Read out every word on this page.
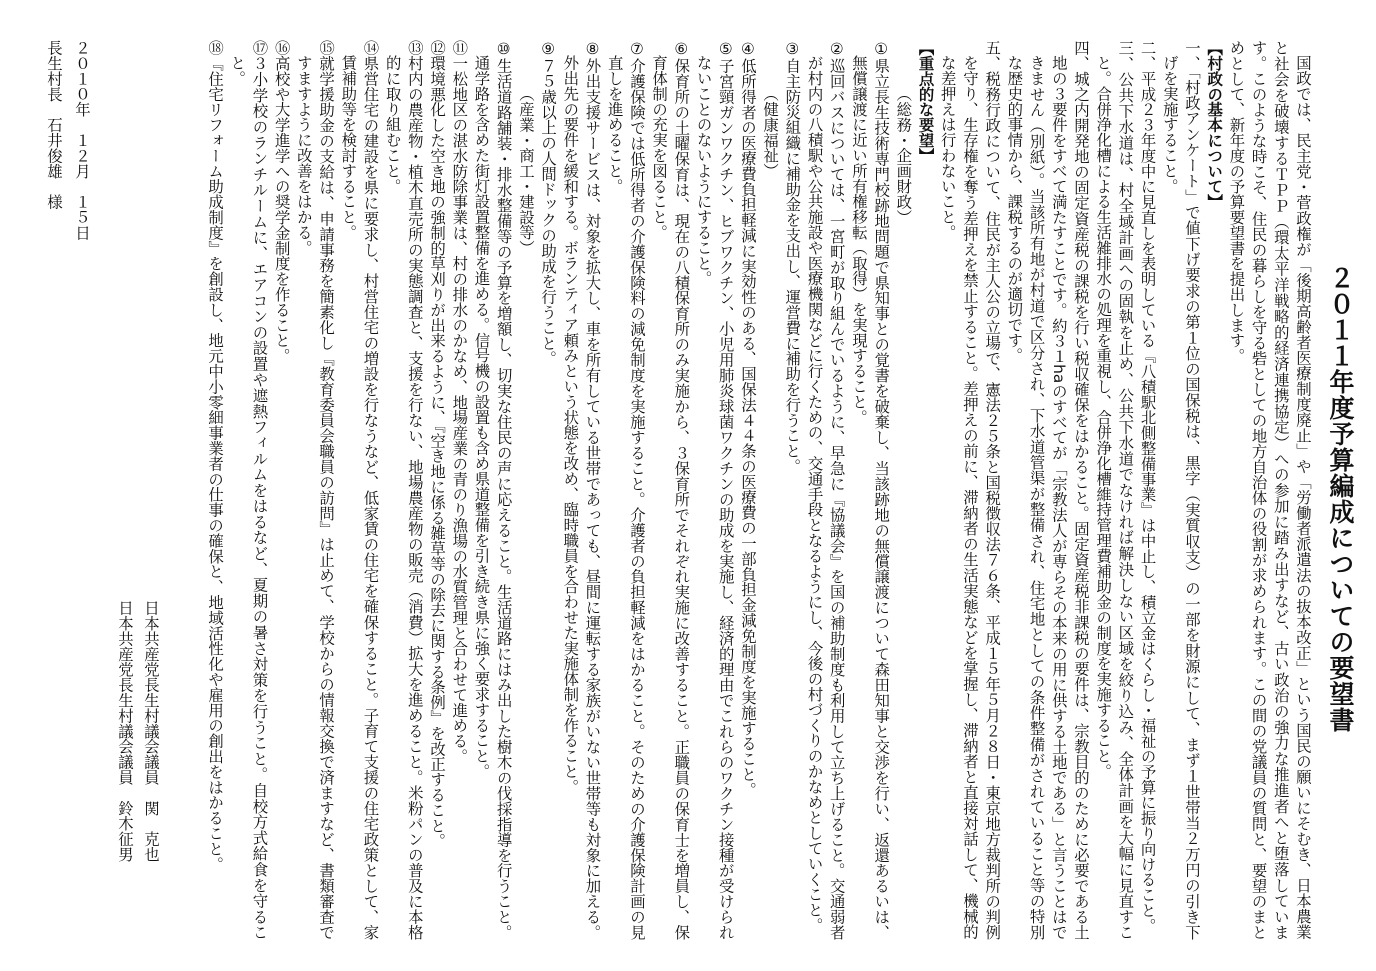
２０１１年度予算編成についての要望書
国政では、民主党・菅政権が「後期高齢者医療制度廃止」や「労働者派遣法の抜本改正」という国民の願いにそむき、日本農業と社会を破壊するＴＰＰ（環太平洋戦略的経済連携協定）への参加に踏み出すなど、古い政治の強力な推進者へと堕落しています。このような時こそ、住民の暮らしを守る砦としての地方自治体の役割が求められます。この間の党議員の質問と、要望のまとめとして、新年度の予算要望書を提出します。
【村政の基本について】
一、「村政アンケート」で値下げ要求の第１位の国保税は、黒字（実質収支）の一部を財源にして、まず１世帯当２万円の引き下げを実施すること。
二、平成２３年度中に見直しを表明している『八積駅北側整備事業』は中止し、積立金はくらし・福祉の予算に振り向けること。
三、公共下水道は、村全域計画への固執を止め、公共下水道でなければ解決しない区域を絞り込み、全体計画を大幅に見直すこと。合併浄化槽による生活雑排水の処理を重視し、合併浄化槽維持管理費補助金の制度を実施すること。
四、城之内開発地の固定資産税の課税を行い税収確保をはかること。固定資産税非課税の要件は、宗教目的のために必要である土地の３要件をすべて満たすことです。約３１haのすべてが「宗教法人が専らその本来の用に供する土地である」と言うことはできません（別紙）。当該所有地が村道で区分され、下水道管渠が整備され、住宅地としての条件整備がされていること等の特別な歴史的事情から、課税するのが適切です。
五、税務行政について、住民が主人公の立場で、憲法２５条と国税徴収法７６条、平成１５年５月２８日・東京地方裁判所の判例を守り、生存権を奪う差押えを禁止すること。差押えの前に、滞納者の生活実態などを掌握し、滞納者と直接対話して、機械的な差押えは行わないこと。
【重点的な要望】
（総務・企画財政）
①県立長生技術専門校跡地問題で県知事との覚書を破棄し、当該跡地の無償譲渡について森田知事と交渉を行い、返還あるいは、無償譲渡に近い所有権移転（取得）を実現すること。
②巡回バスについては、一宮町が取り組んでいるように、早急に『協議会』を国の補助制度も利用して立ち上げること。交通弱者が村内の八積駅や公共施設や医療機関などに行くための、交通手段となるようにし、今後の村づくりのかなめとしていくこと。
③自主防災組織に補助金を支出し、運営費に補助を行うこと。
（健康福祉）
④低所得者の医療費負担軽減に実効性のある、国保法４４条の医療費の一部負担金減免制度を実施すること。
⑤子宮頸ガンワクチン、ヒブワクチン、小児用肺炎球菌ワクチンの助成を実施し、経済的理由でこれらのワクチン接種が受けられないことのないようにすること。
⑥保育所の土曜保育は、現在の八積保育所のみ実施から、３保育所でそれぞれ実施に改善すること。正職員の保育士を増員し、保育体制の充実を図ること。
⑦介護保険では低所得者の介護保険料の減免制度を実施すること。介護者の負担軽減をはかること。そのための介護保険計画の見直しを進めること。
⑧外出支援サービスは、対象を拡大し、車を所有している世帯であっても、昼間に運転する家族がいない世帯等も対象に加える。外出先の要件を緩和する。ボランティア頼みという状態を改め、臨時職員を合わせた実施体制を作ること。
⑨７５歳以上の人間ドックの助成を行うこと。
（産業・商工・建設等）
⑩生活道路舗装・排水整備等の予算を増額し、切実な住民の声に応えること。生活道路にはみ出した樹木の伐採指導を行うこと。通学路を含めた街灯設置整備を進める。信号機の設置も含め県道整備を引き続き県に強く要求すること。
⑪一松地区の湛水防除事業は、村の排水のかなめ、地場産業の青のり漁場の水質管理と合わせて進める。
⑫環境悪化した空き地の強制的草刈りが出来るように、『空き地に係る雑草等の除去に関する条例』を改正すること。
⑬村内の農産物・植木直売所の実態調査と、支援を行ない、地場農産物の販売（消費）拡大を進めること。米粉パンの普及に本格的に取り組むこと。
⑭県営住宅の建設を県に要求し、村営住宅の増設を行なうなど、低家賃の住宅を確保すること。子育て支援の住宅政策として、家賃補助等を検討すること。
⑮就学援助金の支給は、申請事務を簡素化し『教育委員会職員の訪問』は止めて、学校からの情報交換で済ますなど、書類審査ですますように改善をはかる。
⑯高校や大学進学への奨学金制度を作ること。
⑰３小学校のランチルームに、エアコンの設置や遮熱フィルムをはるなど、夏期の暑さ対策を行うこと。自校方式給食を守ること。
⑱『住宅リフォーム助成制度』を創設し、地元中小零細事業者の仕事の確保と、地域活性化や雇用の創出をはかること。
日本共産党長生村議会議員　関　克也
日本共産党長生村議会議員　鈴木征男
２０１０年　１２月　１５日
長生村長　石井俊雄　様
